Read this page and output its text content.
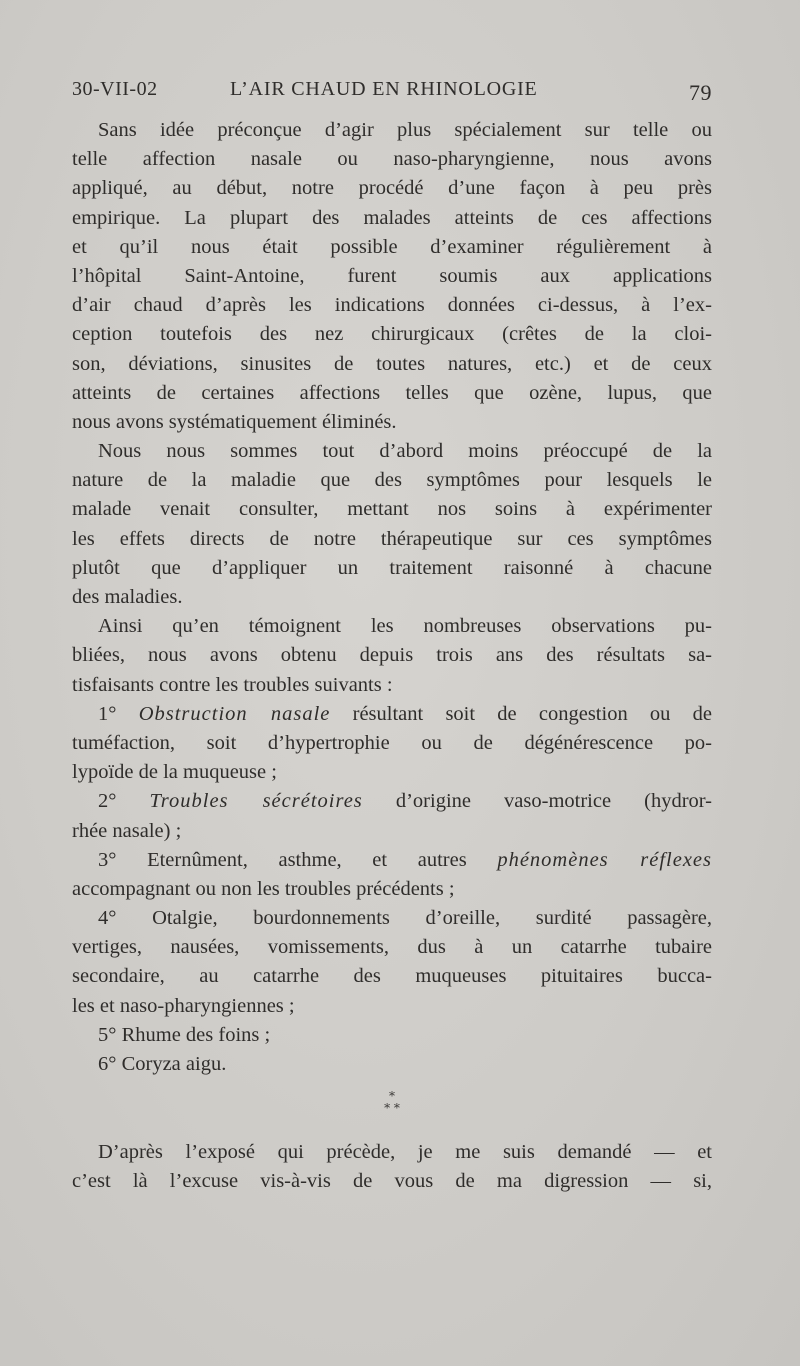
30-VII-02	L’AIR CHAUD EN RHINOLOGIE	79
Sans idée préconçue d’agir plus spécialement sur telle ou
telle affection nasale ou naso-pharyngienne, nous avons
appliqué, au début, notre procédé d’une façon à peu près
empirique. La plupart des malades atteints de ces affections
et qu’il nous était possible d’examiner régulièrement à
l’hôpital Saint-Antoine, furent soumis aux applications
d’air chaud d’après les indications données ci-dessus, à l’ex-
ception toutefois des nez chirurgicaux (crêtes de la cloi-
son, déviations, sinusites de toutes natures, etc.) et de ceux
atteints de certaines affections telles que ozène, lupus, que
nous avons systématiquement éliminés.
Nous nous sommes tout d’abord moins préoccupé de la
nature de la maladie que des symptômes pour lesquels le
malade venait consulter, mettant nos soins à expérimenter
les effets directs de notre thérapeutique sur ces symptômes
plutôt que d’appliquer un traitement raisonné à chacune
des maladies.
Ainsi qu’en témoignent les nombreuses observations pu-
bliées, nous avons obtenu depuis trois ans des résultats sa-
tisfaisants contre les troubles suivants :
1° Obstruction nasale résultant soit de congestion ou de
tuméfaction, soit d’hypertrophie ou de dégénérescence po-
lypoïde de la muqueuse ;
2° Troubles sécrétoires d’origine vaso-motrice (hydror-
rhée nasale) ;
3° Eternûment, asthme, et autres phénomènes réflexes
accompagnant ou non les troubles précédents ;
4° Otalgie, bourdonnements d’oreille, surdité passagère,
vertiges, nausées, vomissements, dus à un catarrhe tubaire
secondaire, au catarrhe des muqueuses pituitaires bucca-
les et naso-pharyngiennes ;
5° Rhume des foins ;
6° Coryza aigu.
*
* *
D’après l’exposé qui précède, je me suis demandé — et
c’est là l’excuse vis-à-vis de vous de ma digression — si,
